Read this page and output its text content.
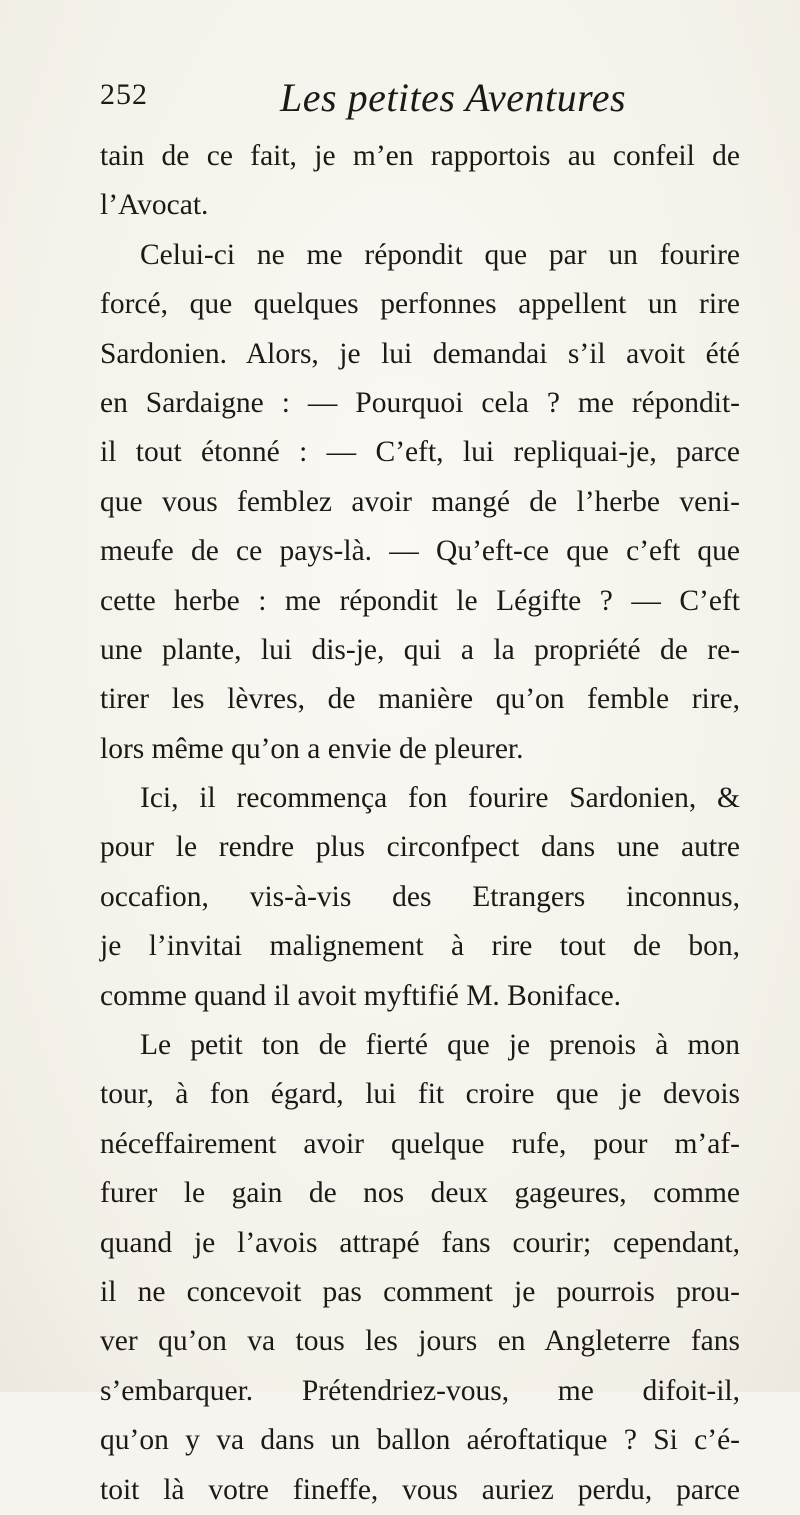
252	Les petites Aventures
tain de ce fait, je m’en rapportois au confeil de
l’Avocat.
Celui-ci ne me répondit que par un fourire
forcé, que quelques perfonnes appellent un rire
Sardonien. Alors, je lui demandai s’il avoit été
en Sardaigne : — Pourquoi cela ? me répondit-
il tout étonné : — C’eft, lui repliquai-je, parce
que vous femblez avoir mangé de l’herbe veni-
meufe de ce pays-là. — Qu’eft-ce que c’eft que
cette herbe : me répondit le Légifte ? — C’eft
une plante, lui dis-je, qui a la propriété de re-
tirer les lèvres, de manière qu’on femble rire,
lors même qu’on a envie de pleurer.
Ici, il recommença fon fourire Sardonien, &
pour le rendre plus circonfpect dans une autre
occafion, vis-à-vis des Etrangers inconnus,
je l’invitai malignement à rire tout de bon,
comme quand il avoit myftifié M. Boniface.
Le petit ton de fierté que je prenois à mon
tour, à fon égard, lui fit croire que je devois
néceffairement avoir quelque rufe, pour m’af-
furer le gain de nos deux gageures, comme
quand je l’avois attrapé fans courir; cependant,
il ne concevoit pas comment je pourrois prou-
ver qu’on va tous les jours en Angleterre fans
s’embarquer. Prétendriez-vous, me difoit-il,
qu’on y va dans un ballon aéroftatique ? Si c’é-
toit là votre fineffe, vous auriez perdu, parce
